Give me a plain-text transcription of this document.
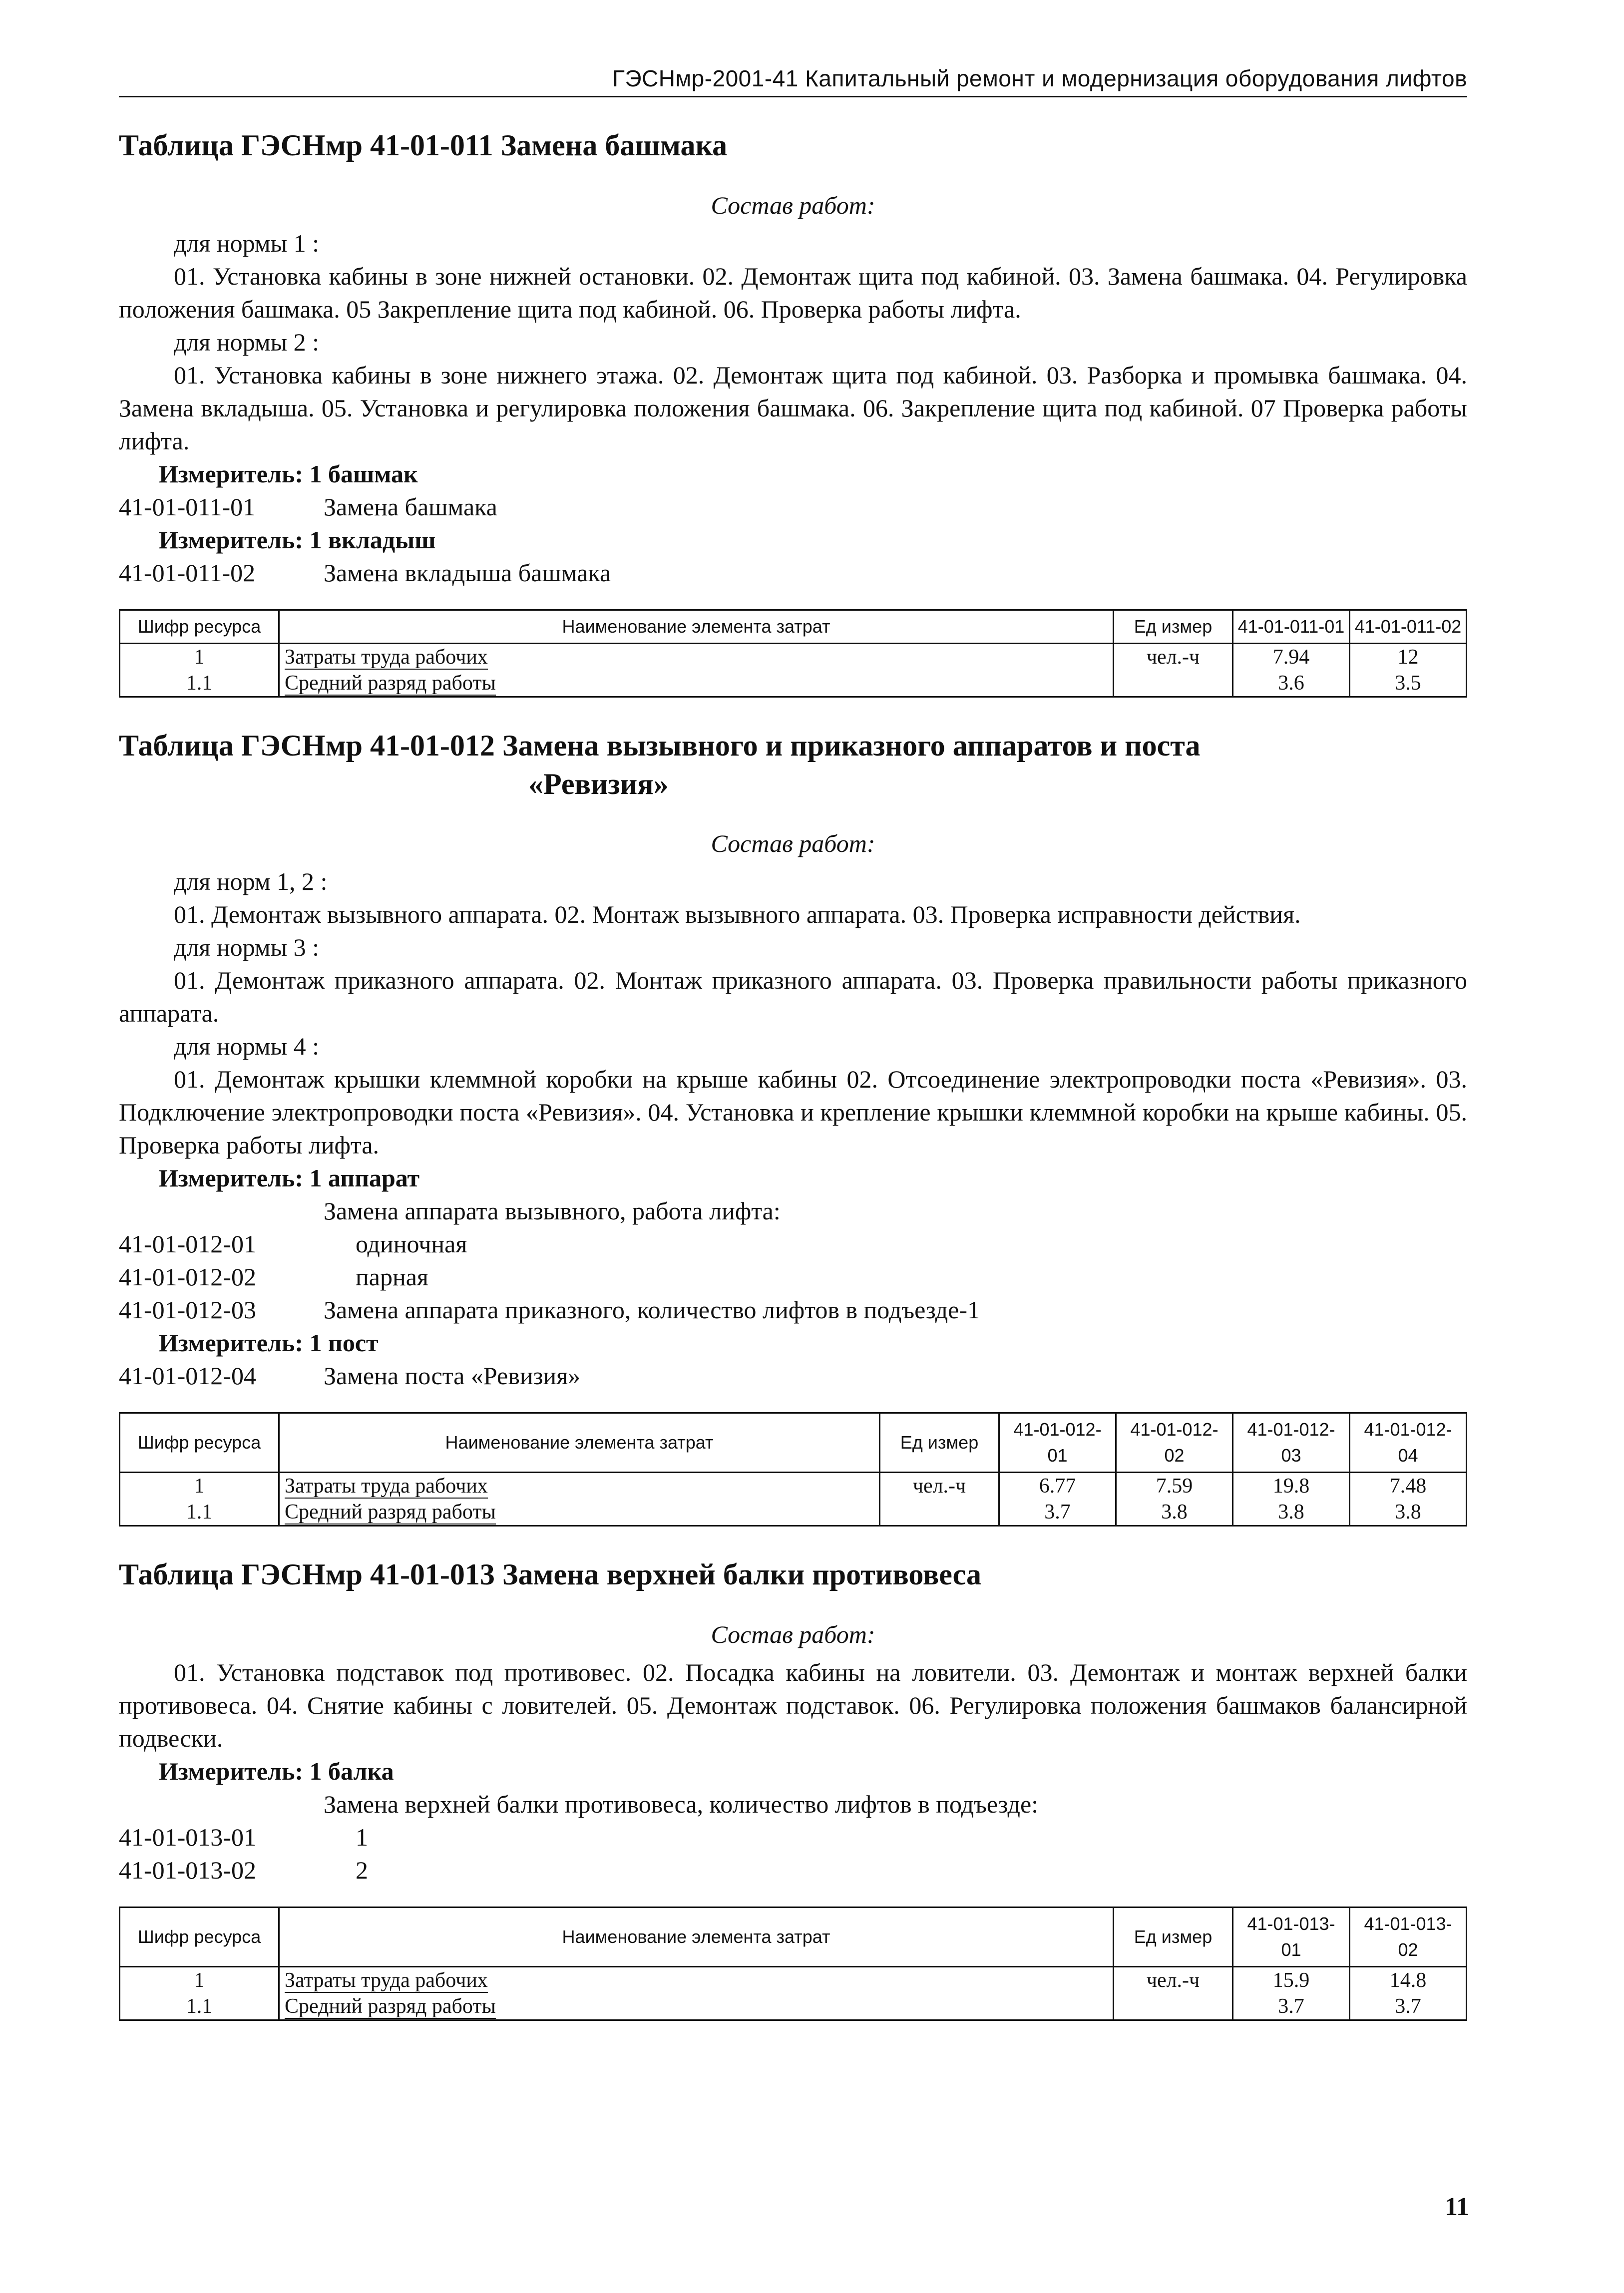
ГЭСНмр-2001-41 Капитальный ремонт и модернизация оборудования лифтов
Таблица ГЭСНмр 41-01-011 Замена башмака
Состав работ:
для нормы 1 :

01. Установка кабины в зоне нижней остановки. 02. Демонтаж щита под кабиной. 03. Замена башмака. 04. Регулировка положения башмака. 05 Закрепление щита под кабиной. 06. Проверка работы лифта.

для нормы 2 :

01. Установка кабины в зоне нижнего этажа. 02. Демонтаж щита под кабиной. 03. Разборка и промывка башмака. 04. Замена вкладыша. 05. Установка и регулировка положения башмака. 06. Закрепление щита под кабиной. 07 Проверка работы лифта.

Измеритель: 1 башмак
41-01-011-01	Замена башмака
Измеритель: 1 вкладыш
41-01-011-02	Замена вкладыша башмака
Шифр ресурса	Наименование элемента затрат	Ед измер	41-01-011-01	41-01-011-02
1	Затраты труда рабочих	чел.-ч	7.94	12
1.1	Средний разряд работы		3.6	3.5
Таблица ГЭСНмр 41-01-012 Замена вызывного и приказного аппаратов и поста
«Ревизия»
Состав работ:
для норм 1, 2 :

01. Демонтаж вызывного аппарата. 02. Монтаж вызывного аппарата. 03. Проверка исправности действия.

для нормы 3 :

01. Демонтаж приказного аппарата. 02. Монтаж приказного аппарата. 03. Проверка правильности работы приказного аппарата.

для нормы 4 :

01. Демонтаж крышки клеммной коробки на крыше кабины 02. Отсоединение электропроводки поста «Ревизия». 03. Подключение электропроводки поста «Ревизия». 04. Установка и крепление крышки клеммной коробки на крыше кабины. 05. Проверка работы лифта.

Измеритель: 1 аппарат
Замена аппарата вызывного, работа лифта:
41-01-012-01	одиночная
41-01-012-02	парная
41-01-012-03	Замена аппарата приказного, количество лифтов в подъезде-1
Измеритель: 1 пост
41-01-012-04	Замена поста «Ревизия»
Шифр ресурса	Наименование элемента затрат	Ед измер	41-01-012-01	41-01-012-02	41-01-012-03	41-01-012-04
1	Затраты труда рабочих	чел.-ч	6.77	7.59	19.8	7.48
1.1	Средний разряд работы		3.7	3.8	3.8	3.8
Таблица ГЭСНмр 41-01-013 Замена верхней балки противовеса
Состав работ:

01. Установка подставок под противовес. 02. Посадка кабины на ловители. 03. Демонтаж и монтаж верхней балки противовеса. 04. Снятие кабины с ловителей. 05. Демонтаж подставок. 06. Регулировка положения башмаков балансирной подвески.

Измеритель: 1 балка
Замена верхней балки противовеса, количество лифтов в подъезде:
41-01-013-01	1
41-01-013-02	2
Шифр ресурса	Наименование элемента затрат	Ед измер	41-01-013-01	41-01-013-02
1	Затраты труда рабочих	чел.-ч	15.9	14.8
1.1	Средний разряд работы		3.7	3.7
11
